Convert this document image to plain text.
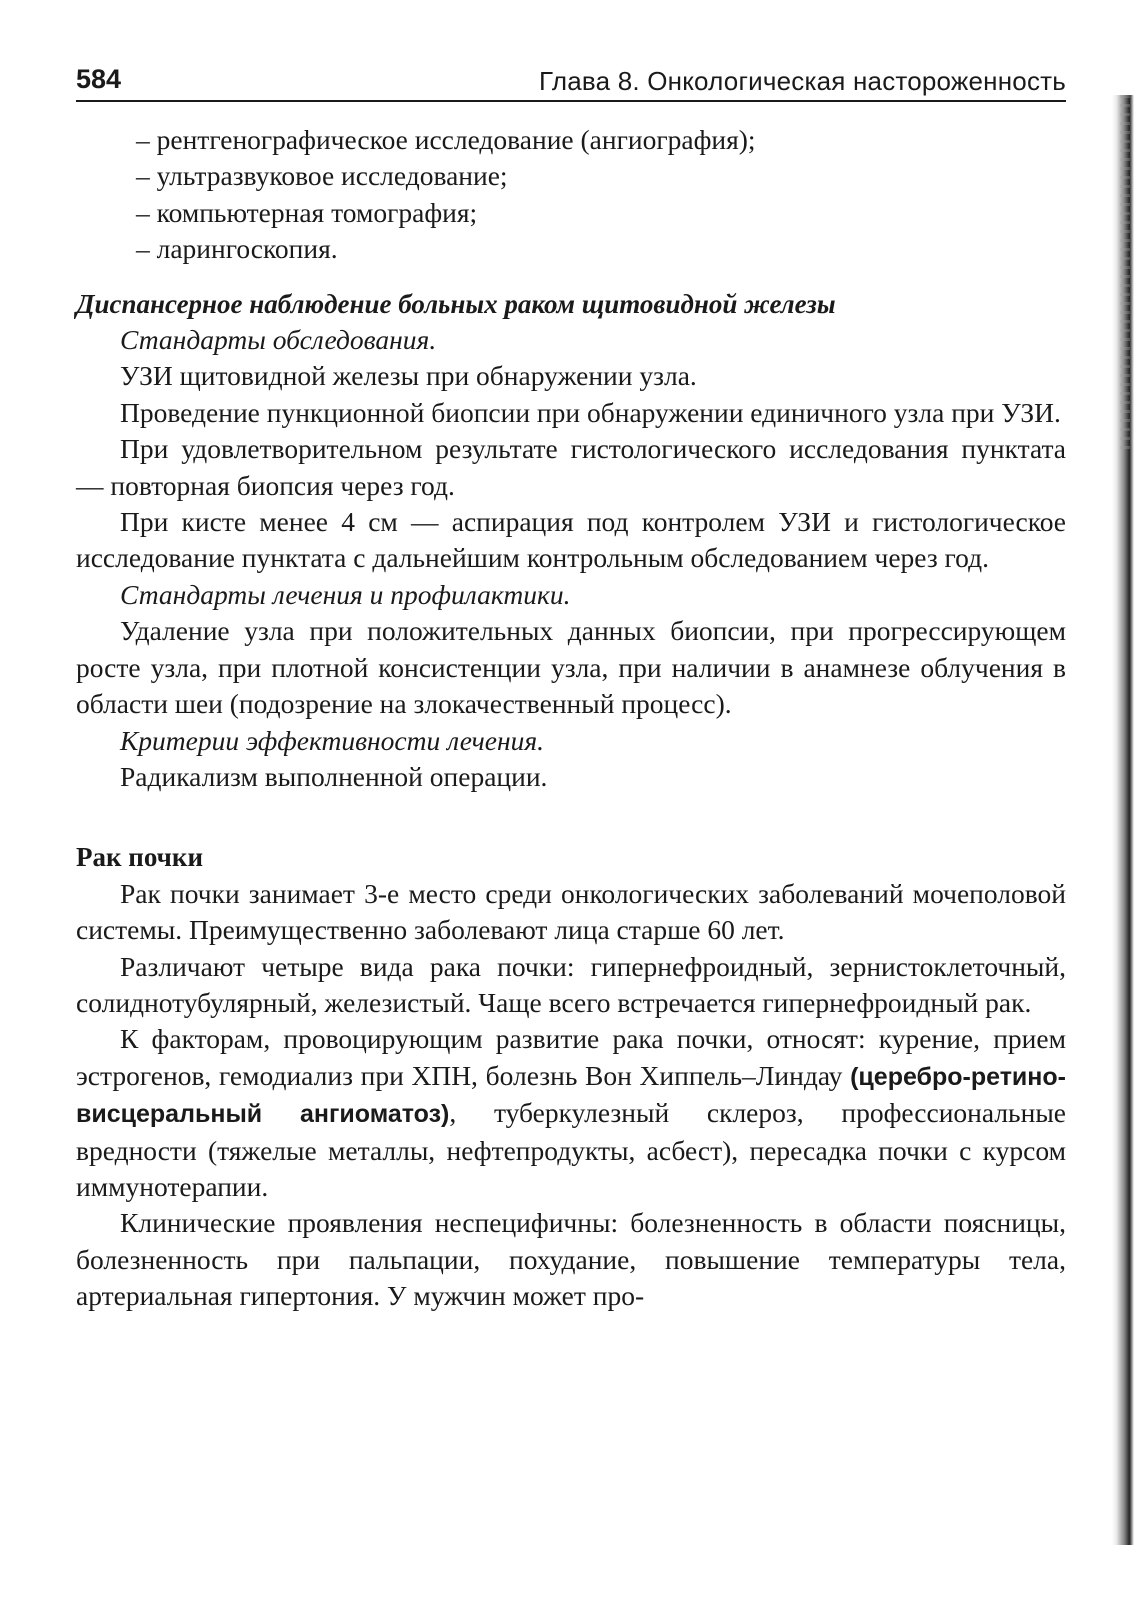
584	Глава 8. Онкологическая настороженность
– рентгенографическое исследование (ангиография);
– ультразвуковое исследование;
– компьютерная томография;
– ларингоскопия.
Диспансерное наблюдение больных раком щитовидной железы
Стандарты обследования.

УЗИ щитовидной железы при обнаружении узла.

Проведение пункционной биопсии при обнаружении единичного узла при УЗИ.

При удовлетворительном результате гистологического исследования пунктата — повторная биопсия через год.

При кисте менее 4 см — аспирация под контролем УЗИ и гистологическое исследование пунктата с дальнейшим контрольным обследованием через год.

Стандарты лечения и профилактики.

Удаление узла при положительных данных биопсии, при прогрессирующем росте узла, при плотной консистенции узла, при наличии в анамнезе облучения в области шеи (подозрение на злокачественный процесс).

Критерии эффективности лечения.

Радикализм выполненной операции.

Рак почки

Рак почки занимает 3-е место среди онкологических заболеваний мочеполовой системы. Преимущественно заболевают лица старше 60 лет.

Различают четыре вида рака почки: гипернефроидный, зернистоклеточный, солиднотубулярный, железистый. Чаще всего встречается гипернефроидный рак.

К факторам, провоцирующим развитие рака почки, относят: курение, прием эстрогенов, гемодиализ при ХПН, болезнь Вон Хиппель–Линдау (церебро-ретино-висцеральный ангиоматоз), туберкулезный склероз, профессиональные вредности (тяжелые металлы, нефтепродукты, асбест), пересадка почки с курсом иммунотерапии.

Клинические проявления неспецифичны: болезненность в области поясницы, болезненность при пальпации, похудание, повышение температуры тела, артериальная гипертония. У мужчин может про-
